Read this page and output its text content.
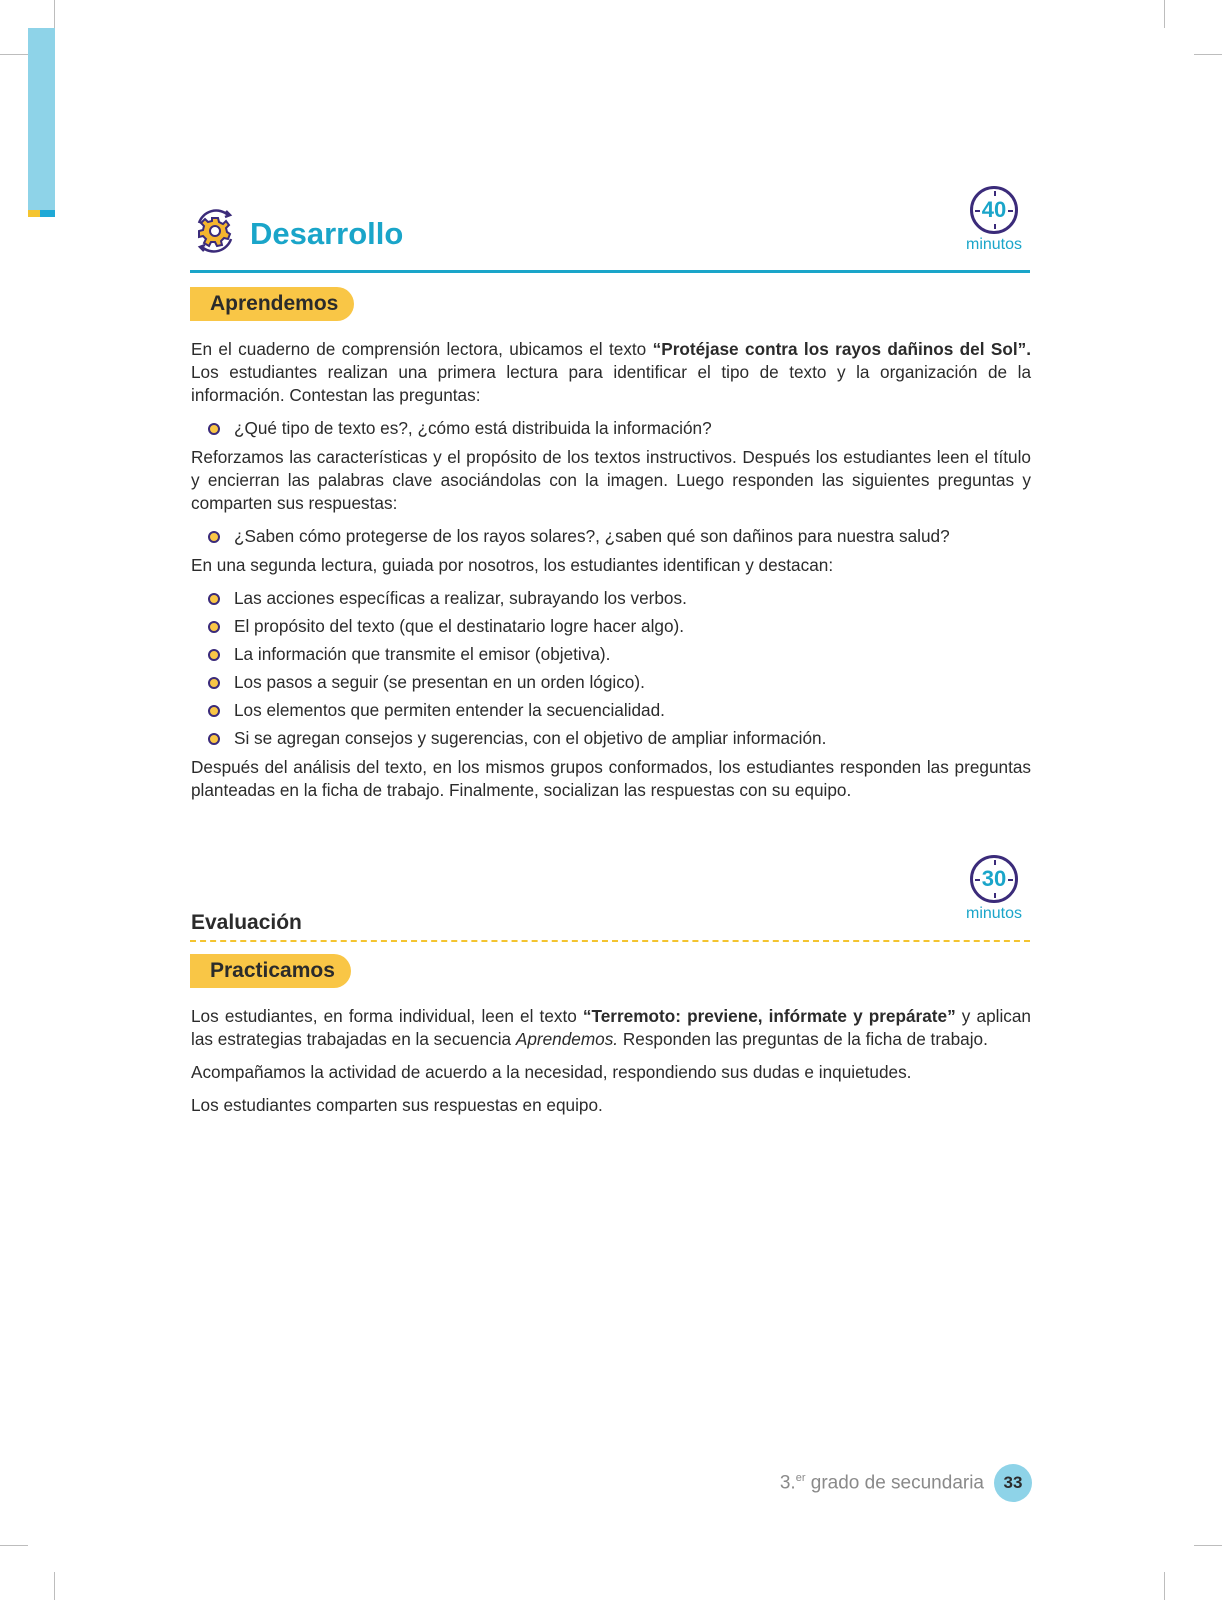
Desarrollo
40
minutos
Aprendemos

En el cuaderno de comprensión lectora, ubicamos el texto “Protéjase contra los rayos dañinos del Sol”. Los estudiantes realizan una primera lectura para identificar el tipo de texto y la organización de la información. Contestan las preguntas:

¿Qué tipo de texto es?, ¿cómo está distribuida la información?

Reforzamos las características y el propósito de los textos instructivos. Después los estudiantes leen el título y encierran las palabras clave asociándolas con la imagen. Luego responden las siguientes preguntas y comparten sus respuestas:

¿Saben cómo protegerse de los rayos solares?, ¿saben qué son dañinos para nuestra salud?

En una segunda lectura, guiada por nosotros, los estudiantes identifican y destacan:

Las acciones específicas a realizar, subrayando los verbos.
El propósito del texto (que el destinatario logre hacer algo).
La información que transmite el emisor (objetiva).
Los pasos a seguir (se presentan en un orden lógico).
Los elementos que permiten entender la secuencialidad.
Si se agregan consejos y sugerencias, con el objetivo de ampliar información.

Después del análisis del texto, en los mismos grupos conformados, los estudiantes responden las preguntas planteadas en la ficha de trabajo. Finalmente, socializan las respuestas con su equipo.

30
minutos
Evaluación
Practicamos

Los estudiantes, en forma individual, leen el texto “Terremoto: previene, infórmate y prepárate” y aplican las estrategias trabajadas en la secuencia Aprendemos. Responden las preguntas de la ficha de trabajo.

Acompañamos la actividad de acuerdo a la necesidad, respondiendo sus dudas e inquietudes.

Los estudiantes comparten sus respuestas en equipo.

3.$^{er}$ grado de secundaria	33
